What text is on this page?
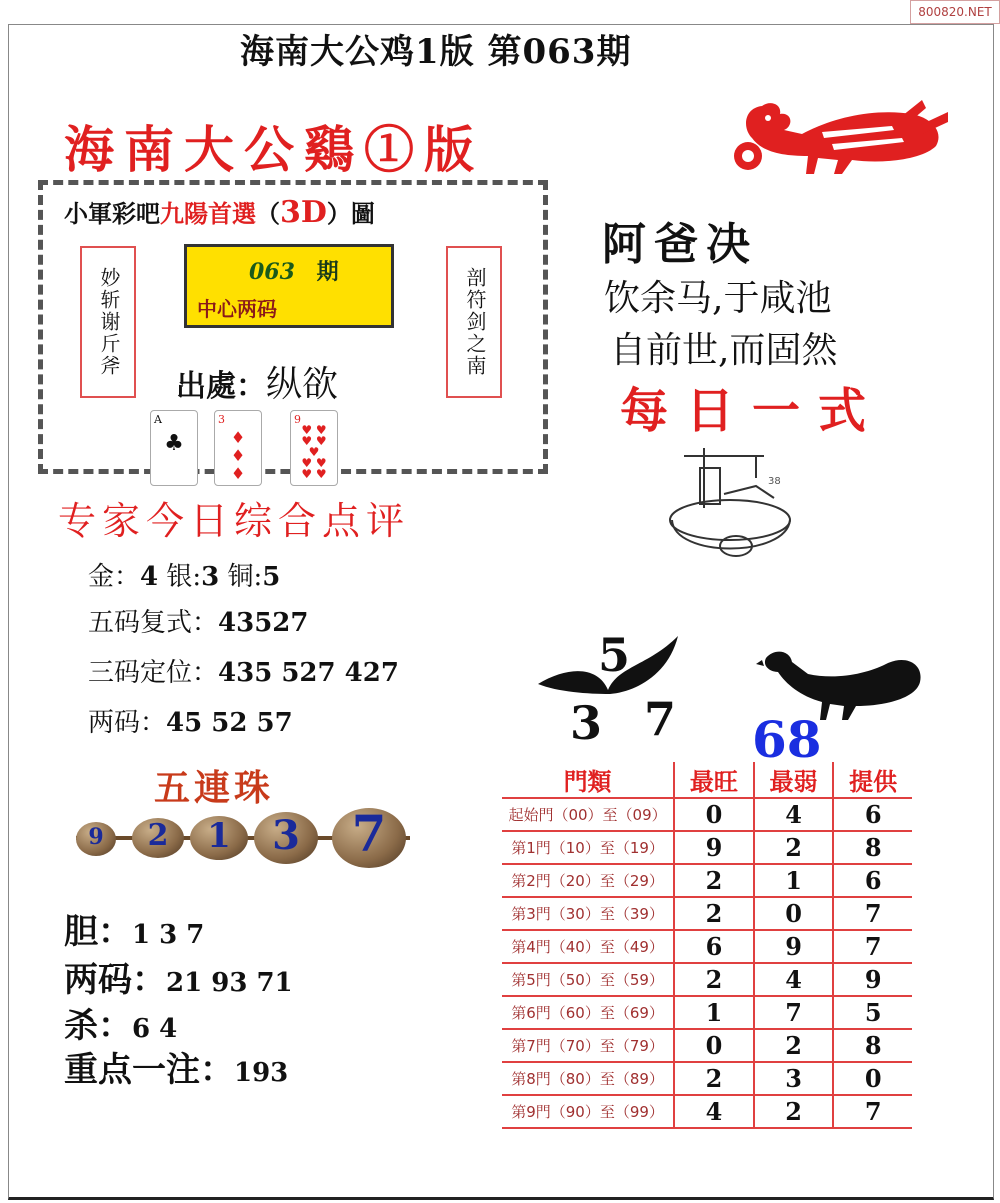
800820.NET
海南大公鸡1版 第063期
海南大公鷄①版
小軍彩吧九陽首選（3D）圖
妙斩谢斤斧	剖符剑之南
063 期
中心两码
出處：纵欲
A
♣
3
♦
♦
♦
9
♥ ♥
♥ ♥
♥
♥ ♥
♥ ♥
阿爸决
饮余马,于咸池
自前世,而固然
每日一式
38
专家今日综合点评
金：4 银:3 铜:5
五码复式：43527
三码定位：435 527 427
两码：45 52 57
5
3 7 68
五連珠
9	2	1	3	7
胆：1 3 7
两码：21 93 71
杀：6 4
重点一注：193
門類	最旺	最弱	提供
起始門（00）至（09）	0	4	6
第1門（10）至（19）	9	2	8
第2門（20）至（29）	2	1	6
第3門（30）至（39）	2	0	7
第4門（40）至（49）	6	9	7
第5門（50）至（59）	2	4	9
第6門（60）至（69）	1	7	5
第7門（70）至（79）	0	2	8
第8門（80）至（89）	2	3	0
第9門（90）至（99）	4	2	7
